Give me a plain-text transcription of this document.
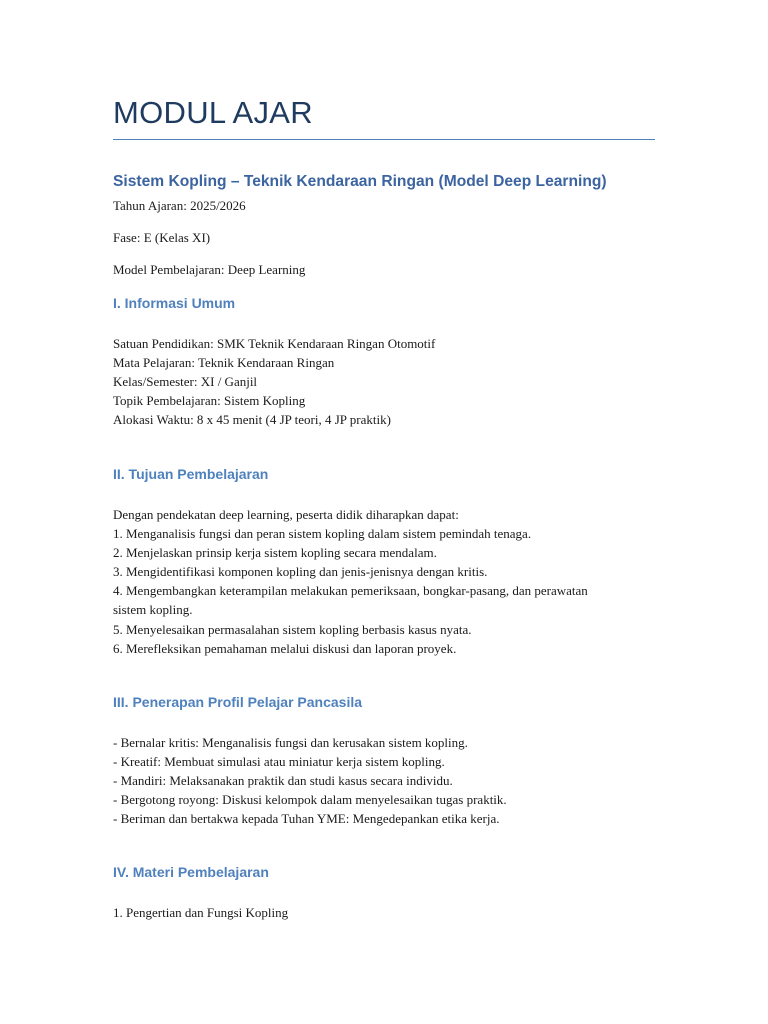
MODUL AJAR
Sistem Kopling – Teknik Kendaraan Ringan (Model Deep Learning)
Tahun Ajaran: 2025/2026
Fase: E (Kelas XI)
Model Pembelajaran: Deep Learning
I. Informasi Umum
Satuan Pendidikan: SMK Teknik Kendaraan Ringan Otomotif
Mata Pelajaran: Teknik Kendaraan Ringan
Kelas/Semester: XI / Ganjil
Topik Pembelajaran: Sistem Kopling
Alokasi Waktu: 8 x 45 menit (4 JP teori, 4 JP praktik)
II. Tujuan Pembelajaran
Dengan pendekatan deep learning, peserta didik diharapkan dapat:
1. Menganalisis fungsi dan peran sistem kopling dalam sistem pemindah tenaga.
2. Menjelaskan prinsip kerja sistem kopling secara mendalam.
3. Mengidentifikasi komponen kopling dan jenis-jenisnya dengan kritis.
4. Mengembangkan keterampilan melakukan pemeriksaan, bongkar-pasang, dan perawatan
sistem kopling.
5. Menyelesaikan permasalahan sistem kopling berbasis kasus nyata.
6. Merefleksikan pemahaman melalui diskusi dan laporan proyek.
III. Penerapan Profil Pelajar Pancasila
- Bernalar kritis: Menganalisis fungsi dan kerusakan sistem kopling.
- Kreatif: Membuat simulasi atau miniatur kerja sistem kopling.
- Mandiri: Melaksanakan praktik dan studi kasus secara individu.
- Bergotong royong: Diskusi kelompok dalam menyelesaikan tugas praktik.
- Beriman dan bertakwa kepada Tuhan YME: Mengedepankan etika kerja.
IV. Materi Pembelajaran
1. Pengertian dan Fungsi Kopling
